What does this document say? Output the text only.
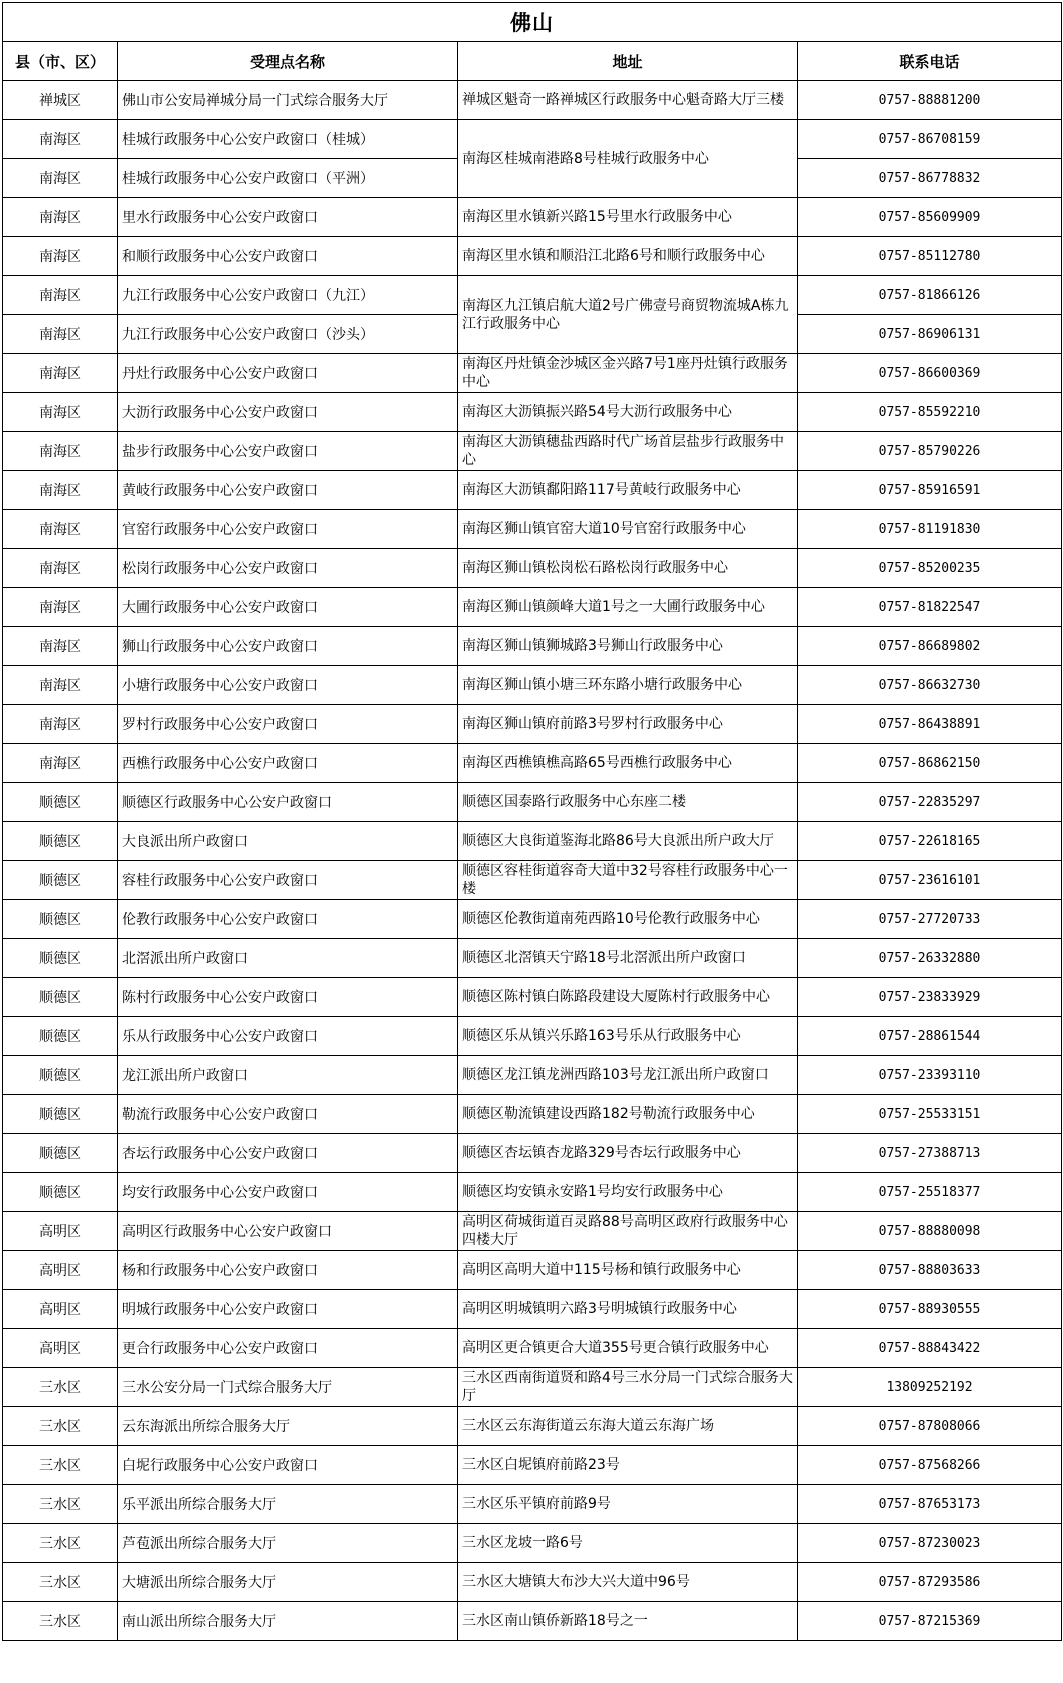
佛山			
县（市、区）	受理点名称	地址	联系电话
禅城区	佛山市公安局禅城分局一门式综合服务大厅	禅城区魁奇一路禅城区行政服务中心魁奇路大厅三楼	0757-88881200
南海区	桂城行政服务中心公安户政窗口（桂城）	南海区桂城南港路8号桂城行政服务中心	0757-86708159
南海区	桂城行政服务中心公安户政窗口（平洲）		0757-86778832
南海区	里水行政服务中心公安户政窗口	南海区里水镇新兴路15号里水行政服务中心	0757-85609909
南海区	和顺行政服务中心公安户政窗口	南海区里水镇和顺沿江北路6号和顺行政服务中心	0757-85112780
南海区	九江行政服务中心公安户政窗口（九江）	南海区九江镇启航大道2号广佛壹号商贸物流城A栋九江行政服务中心	0757-81866126
南海区	九江行政服务中心公安户政窗口（沙头）		0757-86906131
南海区	丹灶行政服务中心公安户政窗口	南海区丹灶镇金沙城区金兴路7号1座丹灶镇行政服务中心	0757-86600369
南海区	大沥行政服务中心公安户政窗口	南海区大沥镇振兴路54号大沥行政服务中心	0757-85592210
南海区	盐步行政服务中心公安户政窗口	南海区大沥镇穗盐西路时代广场首层盐步行政服务中心	0757-85790226
南海区	黄岐行政服务中心公安户政窗口	南海区大沥镇鄱阳路117号黄岐行政服务中心	0757-85916591
南海区	官窑行政服务中心公安户政窗口	南海区狮山镇官窑大道10号官窑行政服务中心	0757-81191830
南海区	松岗行政服务中心公安户政窗口	南海区狮山镇松岗松石路松岗行政服务中心	0757-85200235
南海区	大圃行政服务中心公安户政窗口	南海区狮山镇颜峰大道1号之一大圃行政服务中心	0757-81822547
南海区	狮山行政服务中心公安户政窗口	南海区狮山镇狮城路3号狮山行政服务中心	0757-86689802
南海区	小塘行政服务中心公安户政窗口	南海区狮山镇小塘三环东路小塘行政服务中心	0757-86632730
南海区	罗村行政服务中心公安户政窗口	南海区狮山镇府前路3号罗村行政服务中心	0757-86438891
南海区	西樵行政服务中心公安户政窗口	南海区西樵镇樵高路65号西樵行政服务中心	0757-86862150
顺德区	顺德区行政服务中心公安户政窗口	顺德区国泰路行政服务中心东座二楼	0757-22835297
顺德区	大良派出所户政窗口	顺德区大良街道鉴海北路86号大良派出所户政大厅	0757-22618165
顺德区	容桂行政服务中心公安户政窗口	顺德区容桂街道容奇大道中32号容桂行政服务中心一楼	0757-23616101
顺德区	伦教行政服务中心公安户政窗口	顺德区伦教街道南苑西路10号伦教行政服务中心	0757-27720733
顺德区	北滘派出所户政窗口	顺德区北滘镇天宁路18号北滘派出所户政窗口	0757-26332880
顺德区	陈村行政服务中心公安户政窗口	顺德区陈村镇白陈路段建设大厦陈村行政服务中心	0757-23833929
顺德区	乐从行政服务中心公安户政窗口	顺德区乐从镇兴乐路163号乐从行政服务中心	0757-28861544
顺德区	龙江派出所户政窗口	顺德区龙江镇龙洲西路103号龙江派出所户政窗口	0757-23393110
顺德区	勒流行政服务中心公安户政窗口	顺德区勒流镇建设西路182号勒流行政服务中心	0757-25533151
顺德区	杏坛行政服务中心公安户政窗口	顺德区杏坛镇杏龙路329号杏坛行政服务中心	0757-27388713
顺德区	均安行政服务中心公安户政窗口	顺德区均安镇永安路1号均安行政服务中心	0757-25518377
高明区	高明区行政服务中心公安户政窗口	高明区荷城街道百灵路88号高明区政府行政服务中心四楼大厅	0757-88880098
高明区	杨和行政服务中心公安户政窗口	高明区高明大道中115号杨和镇行政服务中心	0757-88803633
高明区	明城行政服务中心公安户政窗口	高明区明城镇明六路3号明城镇行政服务中心	0757-88930555
高明区	更合行政服务中心公安户政窗口	高明区更合镇更合大道355号更合镇行政服务中心	0757-88843422
三水区	三水公安分局一门式综合服务大厅	三水区西南街道贤和路4号三水分局一门式综合服务大厅	13809252192
三水区	云东海派出所综合服务大厅	三水区云东海街道云东海大道云东海广场	0757-87808066
三水区	白坭行政服务中心公安户政窗口	三水区白坭镇府前路23号	0757-87568266
三水区	乐平派出所综合服务大厅	三水区乐平镇府前路9号	0757-87653173
三水区	芦苞派出所综合服务大厅	三水区龙坡一路6号	0757-87230023
三水区	大塘派出所综合服务大厅	三水区大塘镇大布沙大兴大道中96号	0757-87293586
三水区	南山派出所综合服务大厅	三水区南山镇侨新路18号之一	0757-87215369
